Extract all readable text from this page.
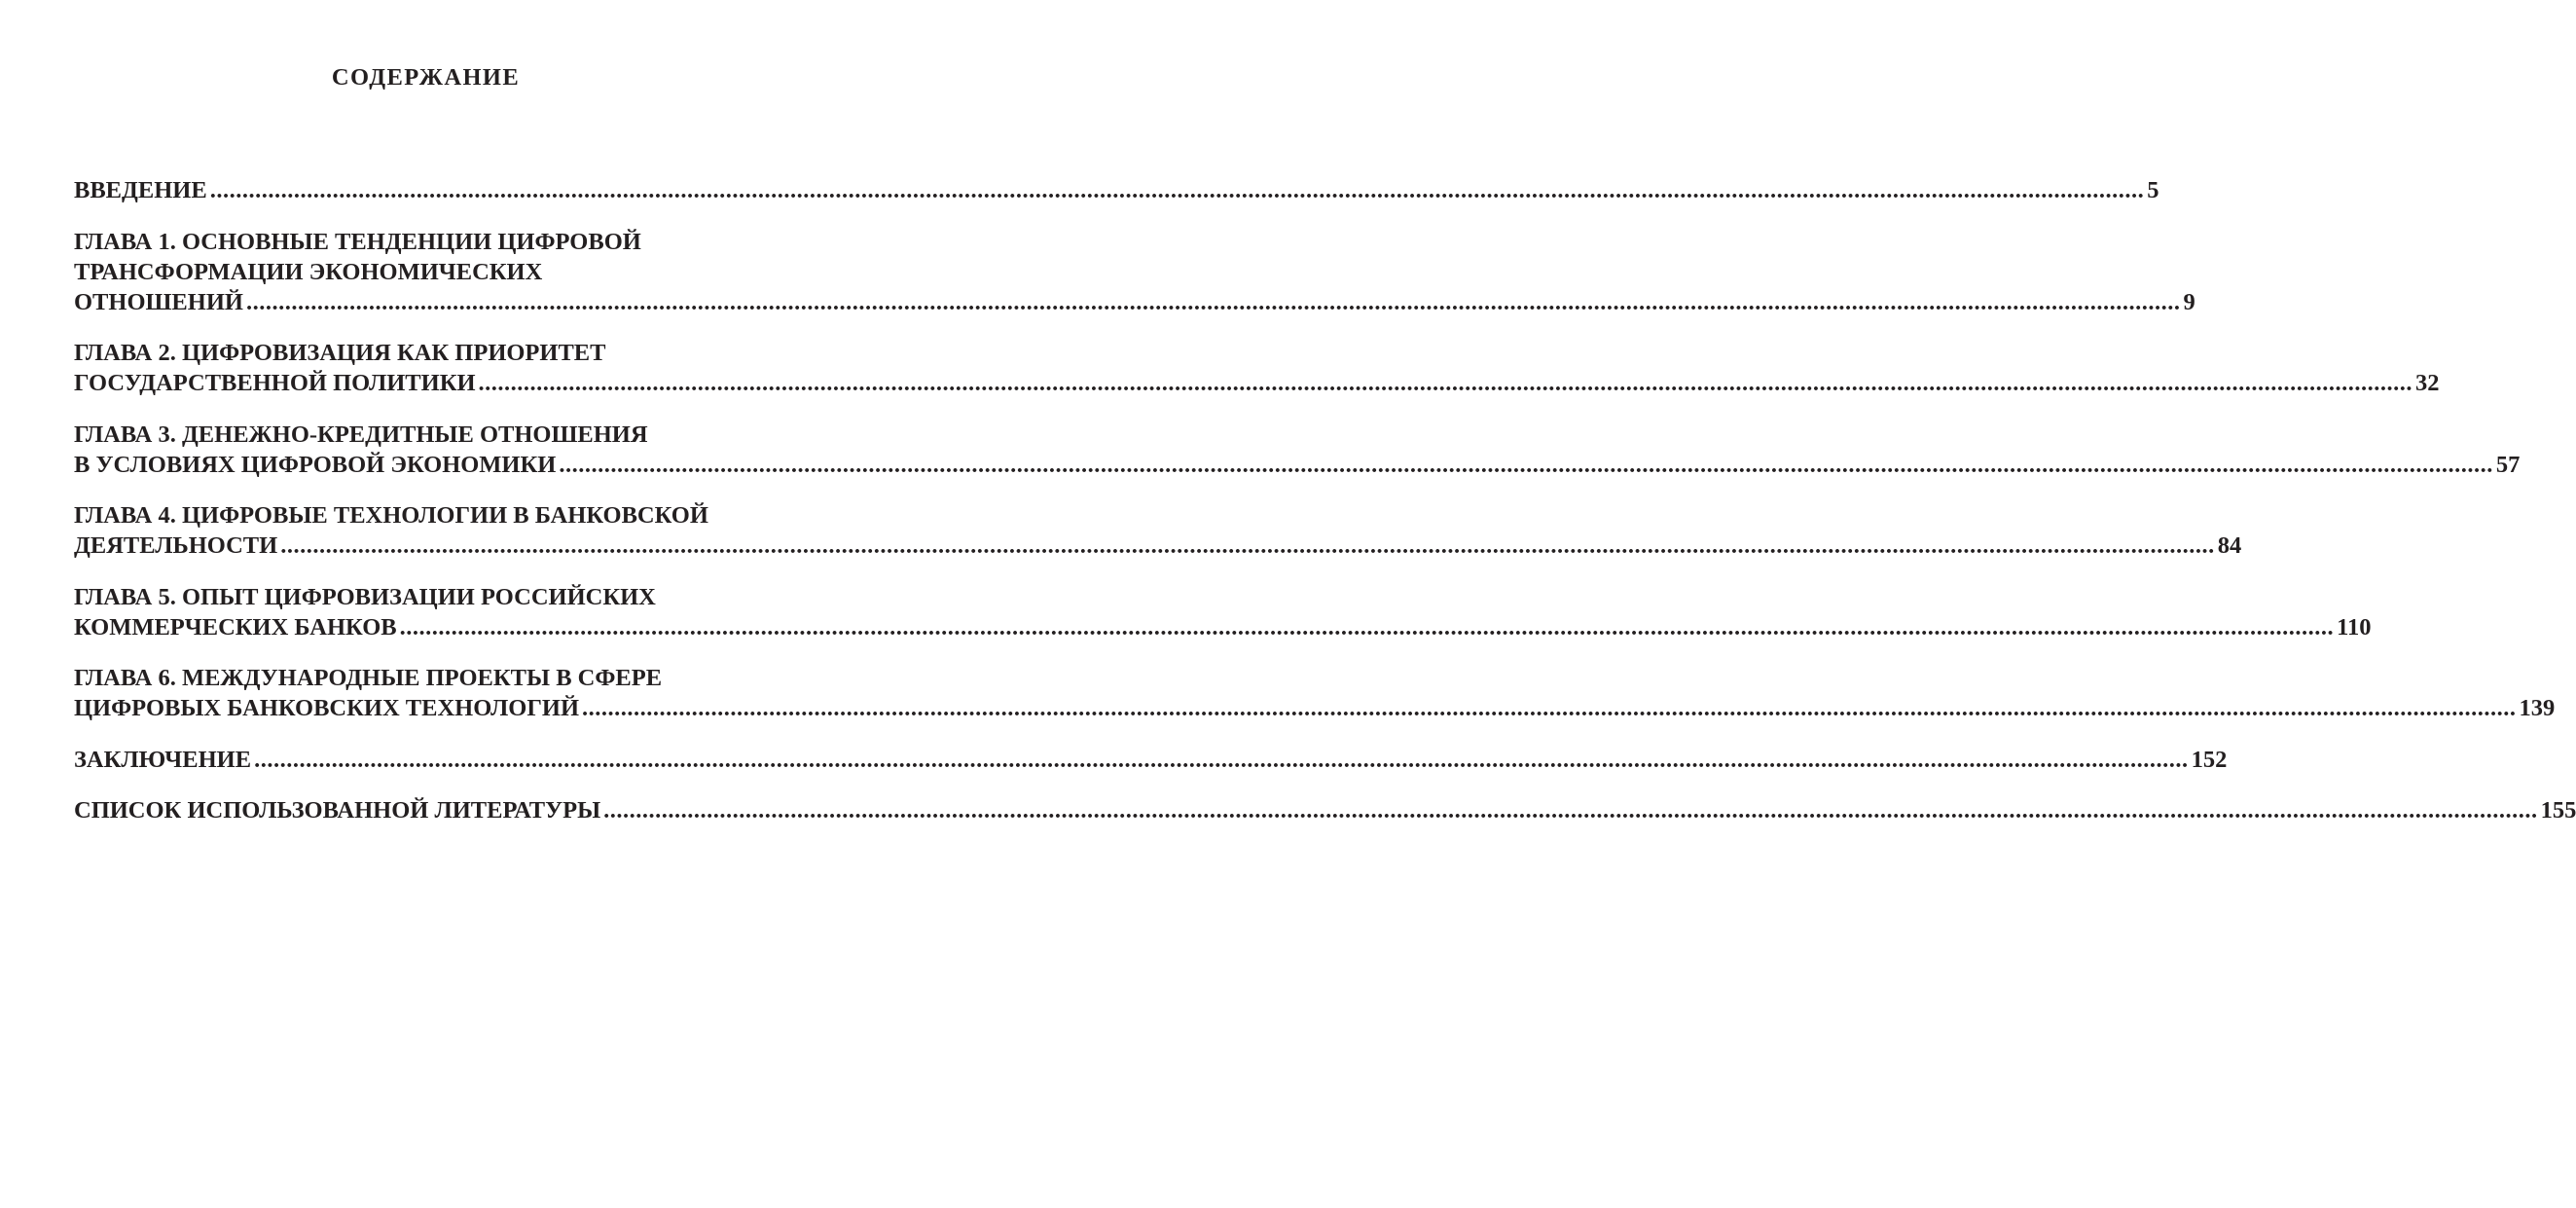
СОДЕРЖАНИЕ
ВВЕДЕНИЕ ............................................................................................................................................................................................................................................................................................................ 5
ГЛАВА 1. ОСНОВНЫЕ ТЕНДЕНЦИИ ЦИФРОВОЙ
ТРАНСФОРМАЦИИ ЭКОНОМИЧЕСКИХ
ОТНОШЕНИЙ ............................................................................................................................................................................................................................................................................................................ 9
ГЛАВА 2. ЦИФРОВИЗАЦИЯ КАК ПРИОРИТЕТ
ГОСУДАРСТВЕННОЙ ПОЛИТИКИ ............................................................................................................................................................................................................................................................................................................ 32
ГЛАВА 3. ДЕНЕЖНО-КРЕДИТНЫЕ ОТНОШЕНИЯ
В УСЛОВИЯХ ЦИФРОВОЙ ЭКОНОМИКИ ............................................................................................................................................................................................................................................................................................................ 57
ГЛАВА 4. ЦИФРОВЫЕ ТЕХНОЛОГИИ В БАНКОВСКОЙ
ДЕЯТЕЛЬНОСТИ ............................................................................................................................................................................................................................................................................................................ 84
ГЛАВА 5. ОПЫТ ЦИФРОВИЗАЦИИ РОССИЙСКИХ
КОММЕРЧЕСКИХ БАНКОВ ............................................................................................................................................................................................................................................................................................................ 110
ГЛАВА 6. МЕЖДУНАРОДНЫЕ ПРОЕКТЫ В СФЕРЕ
ЦИФРОВЫХ БАНКОВСКИХ ТЕХНОЛОГИЙ ............................................................................................................................................................................................................................................................................................................ 139
ЗАКЛЮЧЕНИЕ ............................................................................................................................................................................................................................................................................................................ 152
СПИСОК ИСПОЛЬЗОВАННОЙ ЛИТЕРАТУРЫ ............................................................................................................................................................................................................................................................................................................ 155
